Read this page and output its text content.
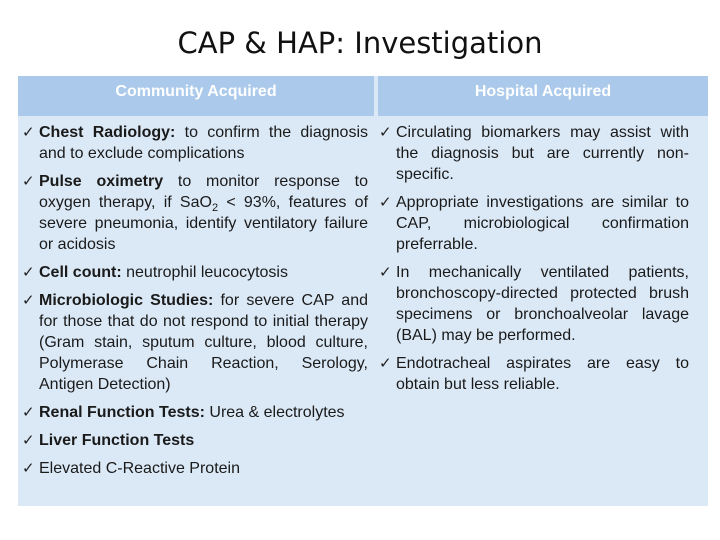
CAP & HAP: Investigation
Community Acquired	Hospital Acquired
✓ Chest Radiology: to confirm the diagnosis and to exclude complications
✓ Pulse oximetry to monitor response to oxygen therapy, if SaO$_2$ < 93%, features of severe pneumonia, identify ventilatory failure or acidosis
✓ Cell count: neutrophil leucocytosis
✓ Microbiologic Studies: for severe CAP and for those that do not respond to initial therapy (Gram stain, sputum culture, blood culture, Polymerase Chain Reaction, Serology, Antigen Detection)
✓ Renal Function Tests: Urea & electrolytes
✓ Liver Function Tests
✓ Elevated C-Reactive Protein
✓ Circulating biomarkers may assist with the diagnosis but are currently non-specific.
✓ Appropriate investigations are similar to CAP, microbiological confirmation preferrable.
✓ In mechanically ventilated patients, bronchoscopy-directed protected brush specimens or bronchoalveolar lavage (BAL) may be performed.
✓ Endotracheal aspirates are easy to obtain but less reliable.
